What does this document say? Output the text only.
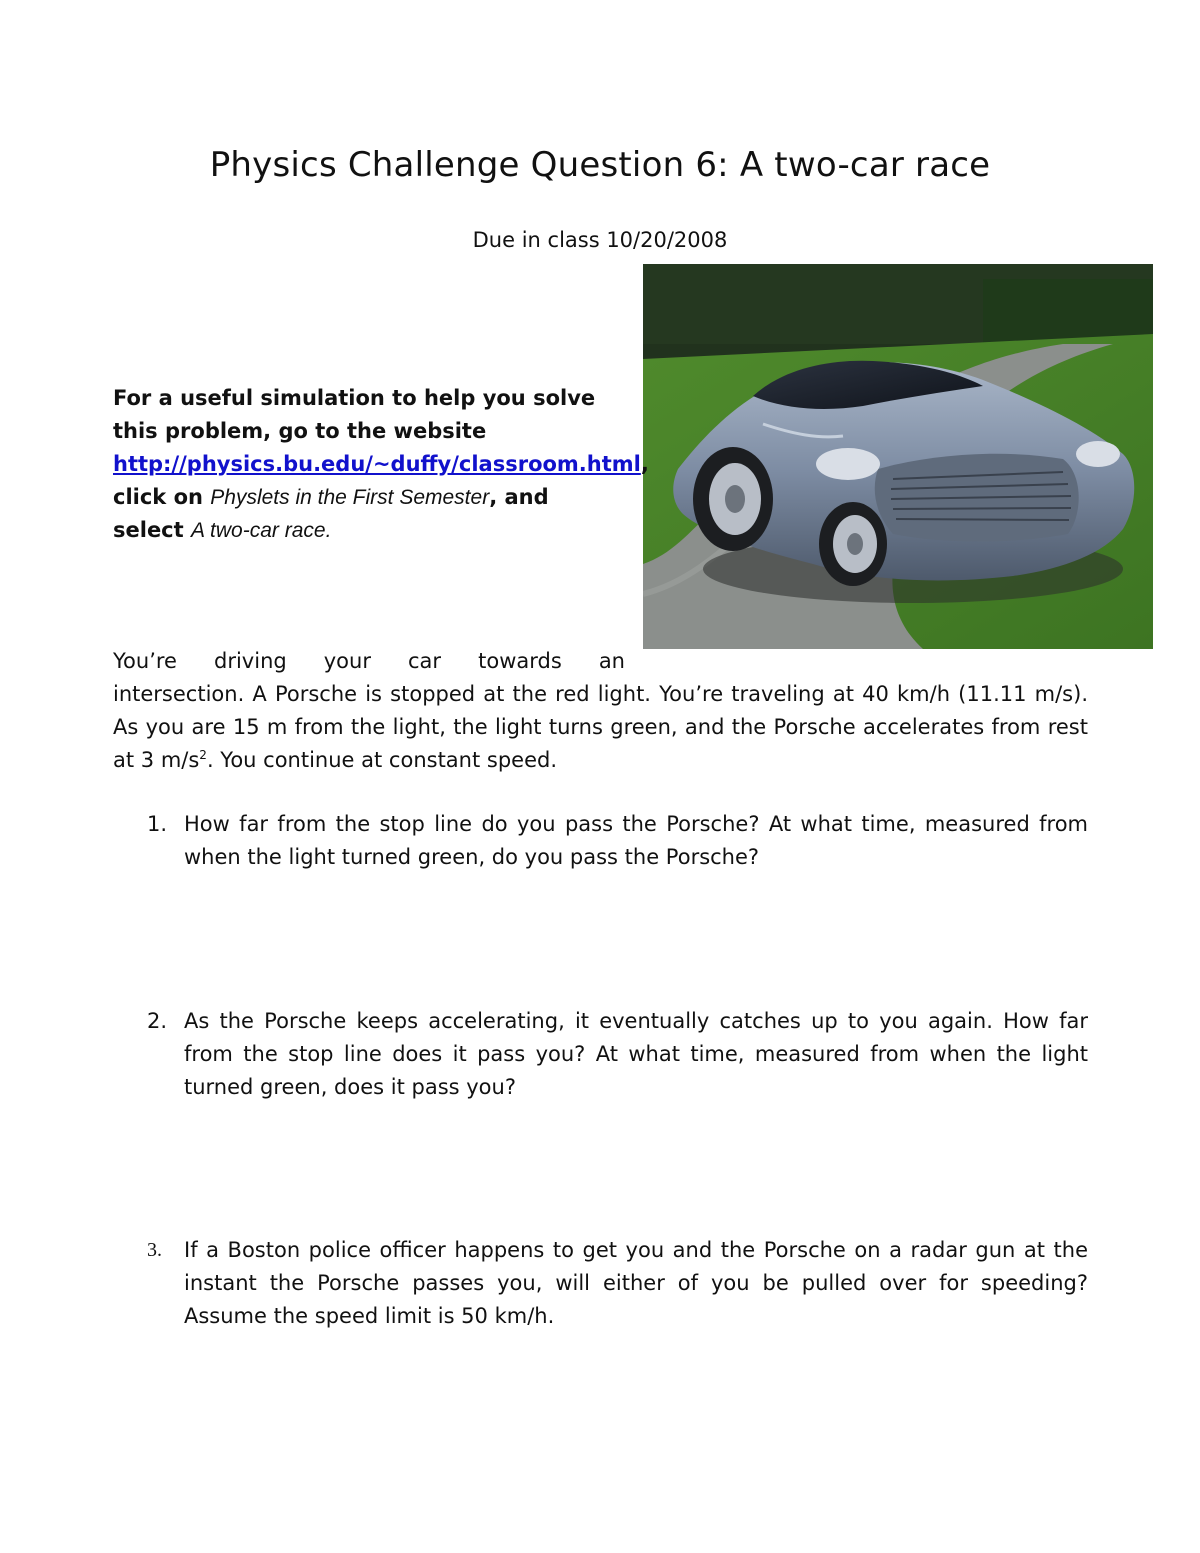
Physics Challenge Question 6: A two-car race
Due in class 10/20/2008
For a useful simulation to help you solve this problem, go to the website
http://physics.bu.edu/~duffy/classroom.html,
click on Physlets in the First Semester, and
select A two-car race.
You’re driving your car towards an
intersection. A Porsche is stopped at the red light. You’re traveling at 40 km/h (11.11 m/s). As you are 15 m from the light, the light turns green, and the Porsche accelerates from rest at 3 $m/s^2$. You continue at constant speed.
1. How far from the stop line do you pass the Porsche? At what time, measured from when the light turned green, do you pass the Porsche?
2. As the Porsche keeps accelerating, it eventually catches up to you again. How far from the stop line does it pass you? At what time, measured from when the light turned green, does it pass you?
3. If a Boston police officer happens to get you and the Porsche on a radar gun at the instant the Porsche passes you, will either of you be pulled over for speeding? Assume the speed limit is 50 km/h.
